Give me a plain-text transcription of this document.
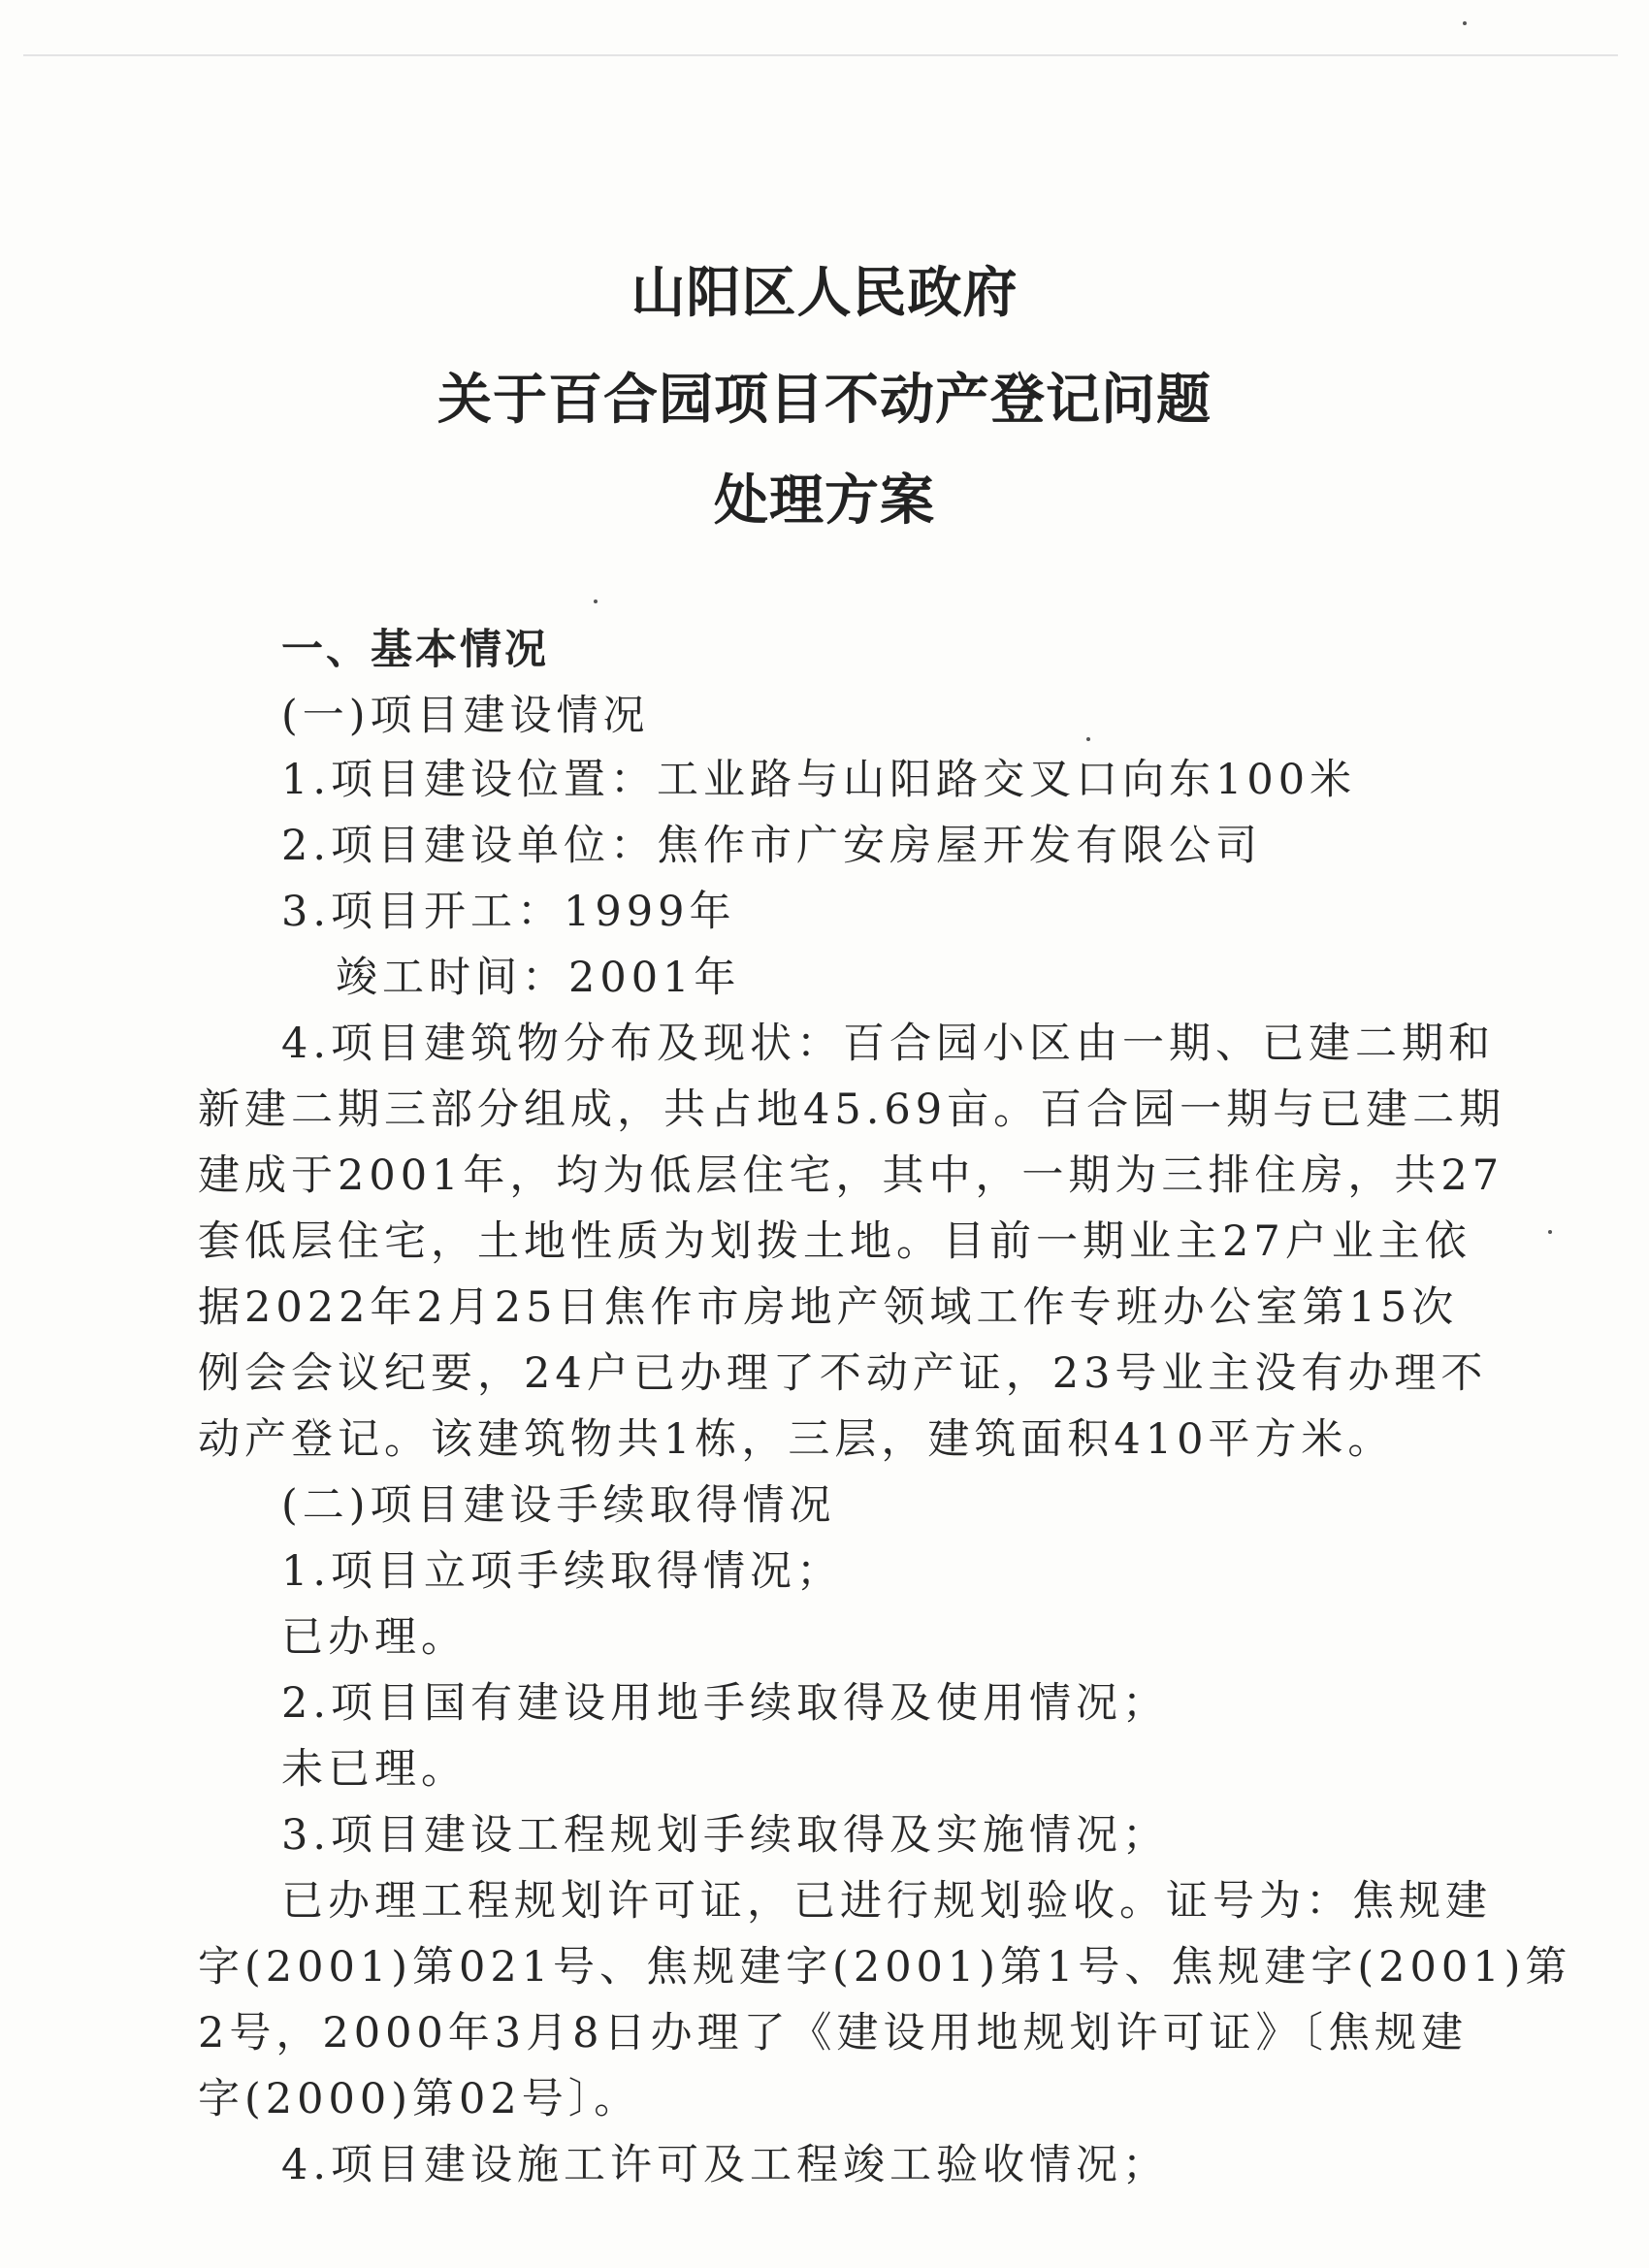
山阳区人民政府
关于百合园项目不动产登记问题
处理方案
一、基本情况
(一)项目建设情况
1.项目建设位置：工业路与山阳路交叉口向东100米
2.项目建设单位：焦作市广安房屋开发有限公司
3.项目开工：1999年
竣工时间：2001年
4.项目建筑物分布及现状：百合园小区由一期、已建二期和
新建二期三部分组成，共占地45.69亩。百合园一期与已建二期
建成于2001年，均为低层住宅，其中，一期为三排住房，共27
套低层住宅，土地性质为划拨土地。目前一期业主27户业主依
据2022年2月25日焦作市房地产领域工作专班办公室第15次
例会会议纪要，24户已办理了不动产证，23号业主没有办理不
动产登记。该建筑物共1栋，三层，建筑面积410平方米。
(二)项目建设手续取得情况
1.项目立项手续取得情况；
已办理。
2.项目国有建设用地手续取得及使用情况；
未已理。
3.项目建设工程规划手续取得及实施情况；
已办理工程规划许可证，已进行规划验收。证号为：焦规建
字(2001)第021号、焦规建字(2001)第1号、焦规建字(2001)第
2号，2000年3月8日办理了《建设用地规划许可证》〔焦规建
字(2000)第02号〕。
4.项目建设施工许可及工程竣工验收情况；
